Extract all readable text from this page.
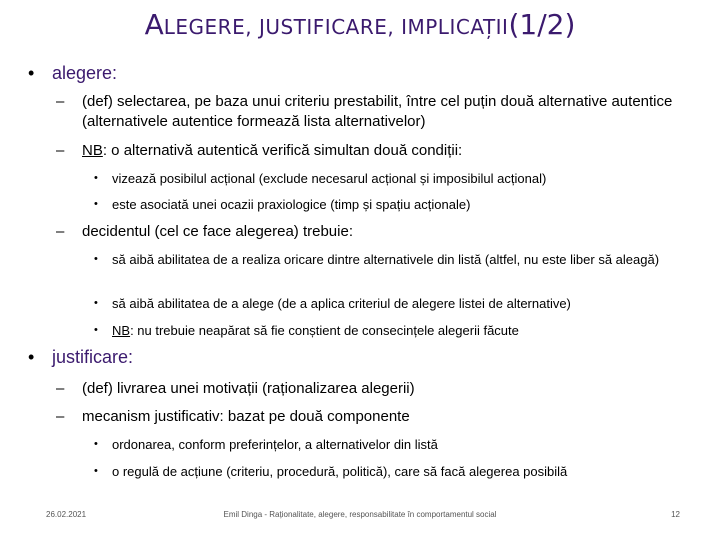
ALEGERE, JUSTIFICARE, IMPLICAȚII(1/2)
• alegere:
– (def) selectarea, pe baza unui criteriu prestabilit, între cel puțin două alternative autentice (alternativele autentice formează lista alternativelor)
– NB: o alternativă autentică verifică simultan două condiții:
• vizează posibilul acțional (exclude necesarul acțional și imposibilul acțional)
• este asociată unei ocazii praxiologice (timp și spațiu acționale)
– decidentul (cel ce face alegerea) trebuie:
• să aibă abilitatea de a realiza oricare dintre alternativele din listă (altfel, nu este liber să aleagă)
• să aibă abilitatea de a alege (de a aplica criteriul de alegere listei de alternative)
• NB: nu trebuie neapărat să fie conștient de consecințele alegerii făcute
• justificare:
– (def) livrarea unei motivații (raționalizarea alegerii)
– mecanism justificativ: bazat pe două componente
• ordonarea, conform preferințelor, a alternativelor din listă
• o regulă de acțiune (criteriu, procedură, politică), care să facă alegerea posibilă
26.02.2021	Emil Dinga - Raționalitate, alegere, responsabilitate în comportamentul social	12
